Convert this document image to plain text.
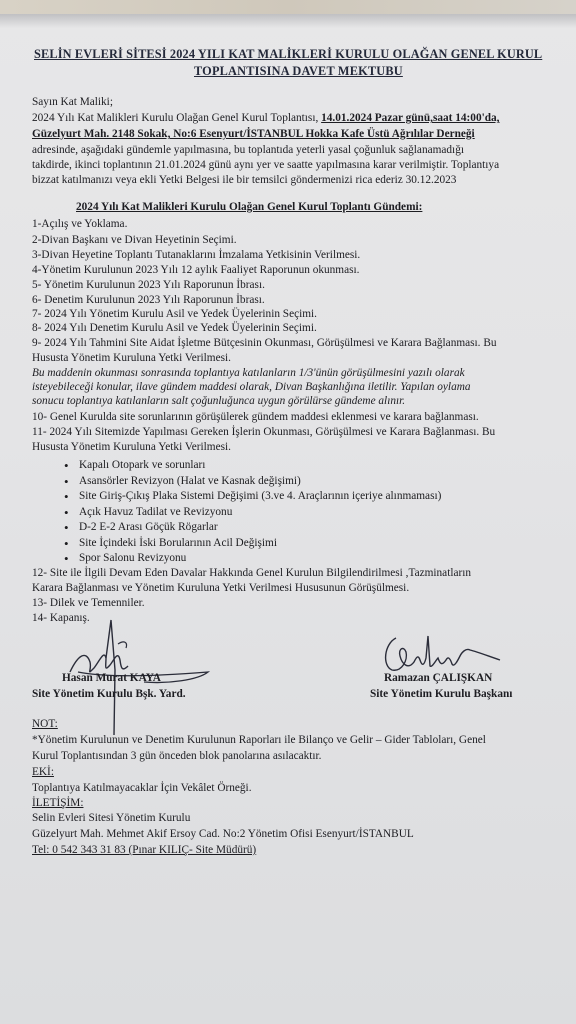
SELİN EVLERİ SİTESİ 2024 YILI KAT MALİKLERİ KURULU OLAĞAN GENEL KURUL
TOPLANTISINA DAVET MEKTUBU
Sayın Kat Maliki;
2024 Yılı Kat Malikleri Kurulu Olağan Genel Kurul Toplantısı, 14.01.2024 Pazar günü,saat 14:00'da,
Güzelyurt Mah. 2148 Sokak, No:6 Esenyurt/İSTANBUL Hokka Kafe Üstü Ağrılılar Derneği
adresinde, aşağıdaki gündemle yapılmasına, bu toplantıda yeterli yasal çoğunluk sağlanamadığı
takdirde, ikinci toplantının 21.01.2024 günü aynı yer ve saatte yapılmasına karar verilmiştir. Toplantıya
bizzat katılmanızı veya ekli Yetki Belgesi ile bir temsilci göndermenizi rica ederiz 30.12.2023
2024 Yılı Kat Malikleri Kurulu Olağan Genel Kurul Toplantı Gündemi:
1-Açılış ve Yoklama.
2-Divan Başkanı ve Divan Heyetinin Seçimi.
3-Divan Heyetine Toplantı Tutanaklarını İmzalama Yetkisinin Verilmesi.
4-Yönetim Kurulunun 2023 Yılı 12 aylık Faaliyet Raporunun okunması.
5- Yönetim Kurulunun 2023 Yılı Raporunun İbrası.
6- Denetim Kurulunun 2023 Yılı Raporunun İbrası.
7- 2024 Yılı Yönetim Kurulu Asil ve Yedek Üyelerinin Seçimi.
8- 2024 Yılı Denetim Kurulu Asil ve Yedek Üyelerinin Seçimi.
9- 2024 Yılı Tahmini Site Aidat İşletme Bütçesinin Okunması, Görüşülmesi ve Karara Bağlanması. Bu
Hususta Yönetim Kuruluna Yetki Verilmesi.
Bu maddenin okunması sonrasında toplantıya katılanların 1/3'ünün görüşülmesini yazılı olarak
isteyebileceği konular, ilave gündem maddesi olarak, Divan Başkanlığına iletilir. Yapılan oylama
sonucu toplantıya katılanların salt çoğunluğunca uygun görülürse gündeme alınır.
10- Genel Kurulda site sorunlarının görüşülerek gündem maddesi eklenmesi ve karara bağlanması.
11- 2024 Yılı Sitemizde Yapılması Gereken İşlerin Okunması, Görüşülmesi ve Karara Bağlanması. Bu
Hususta Yönetim Kuruluna Yetki Verilmesi.
• Kapalı Otopark ve sorunları
• Asansörler Revizyon (Halat ve Kasnak değişimi)
• Site Giriş-Çıkış Plaka Sistemi Değişimi (3.ve 4. Araçlarının içeriye alınmaması)
• Açık Havuz Tadilat ve Revizyonu
• D-2 E-2 Arası Göçük Rögarlar
• Site İçindeki İski Borularının Acil Değişimi
• Spor Salonu Revizyonu
12- Site ile İlgili Devam Eden Davalar Hakkında Genel Kurulun Bilgilendirilmesi ,Tazminatların
Karara Bağlanması ve Yönetim Kuruluna Yetki Verilmesi Hususunun Görüşülmesi.
13- Dilek ve Temenniler.
14- Kapanış.
Hasan Murat KAYA
Site Yönetim Kurulu Bşk. Yard.
Ramazan ÇALIŞKAN
Site Yönetim Kurulu Başkanı
NOT:
*Yönetim Kurulunun ve Denetim Kurulunun Raporları ile Bilanço ve Gelir – Gider Tabloları, Genel
Kurul Toplantısından 3 gün önceden blok panolarına asılacaktır.
EKİ:
Toplantıya Katılmayacaklar İçin Vekâlet Örneği.
İLETİŞİM:
Selin Evleri Sitesi Yönetim Kurulu
Güzelyurt Mah. Mehmet Akif Ersoy Cad. No:2 Yönetim Ofisi Esenyurt/İSTANBUL
Tel: 0 542 343 31 83 (Pınar KILIÇ- Site Müdürü)
